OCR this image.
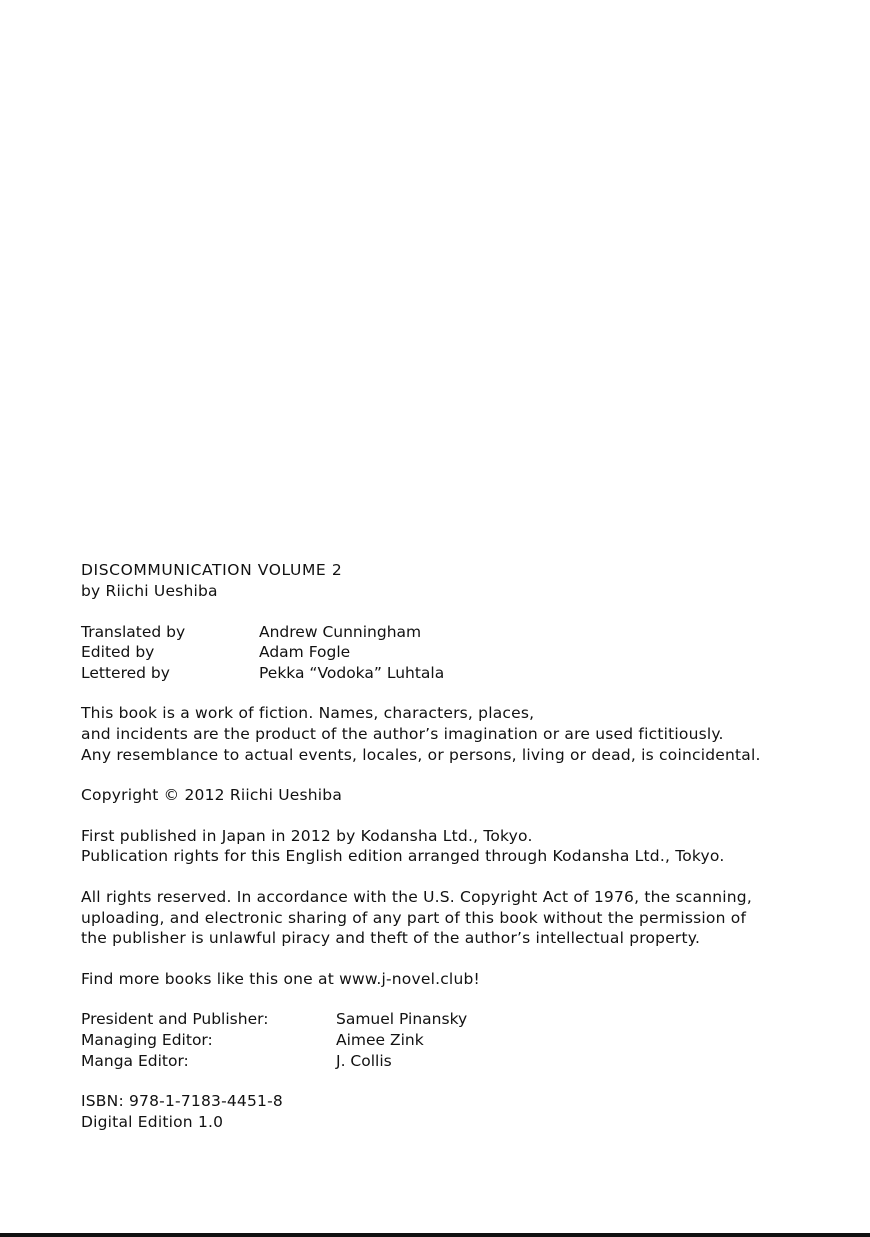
DISCOMMUNICATION VOLUME 2
by Riichi Ueshiba
Translated by	Andrew Cunningham
Edited by	Adam Fogle
Lettered by	Pekka “Vodoka” Luhtala
This book is a work of fiction. Names, characters, places,
and incidents are the product of the author’s imagination or are used fictitiously.
Any resemblance to actual events, locales, or persons, living or dead, is coincidental.
Copyright © 2012 Riichi Ueshiba
First published in Japan in 2012 by Kodansha Ltd., Tokyo.
Publication rights for this English edition arranged through Kodansha Ltd., Tokyo.
All rights reserved. In accordance with the U.S. Copyright Act of 1976, the scanning,
uploading, and electronic sharing of any part of this book without the permission of
the publisher is unlawful piracy and theft of the author’s intellectual property.
Find more books like this one at www.j-novel.club!
President and Publisher:	Samuel Pinansky
Managing Editor:	Aimee Zink
Manga Editor:	J. Collis
ISBN: 978-1-7183-4451-8
Digital Edition 1.0
